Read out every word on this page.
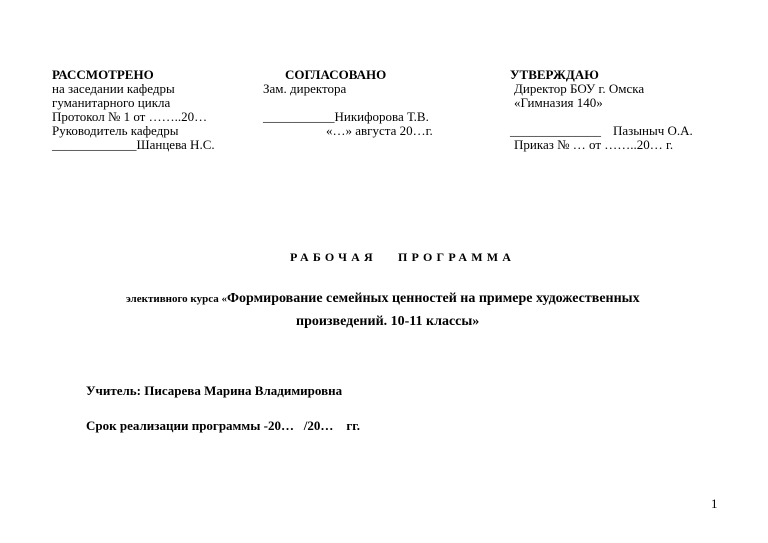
РАССМОТРЕНО
на заседании кафедры
гуманитарного цикла
Протокол № 1 от ……..20…
Руководитель кафедры
_____________Шанцева Н.С.
СОГЛАСОВАНО
Зам. директора
___________Никифорова Т.В.
«…» августа 20…г.
УТВЕРЖДАЮ
Директор БОУ г. Омска
«Гимназия 140»
______________ Пазыныч О.А.
Приказ № … от ……..20… г.
РАБОЧАЯ ПРОГРАММА
элективного курса «Формирование семейных ценностей на примере художественных
произведений. 10-11 классы»
Учитель: Писарева Марина Владимировна
Срок реализации программы -20…   /20…    гг.
1
